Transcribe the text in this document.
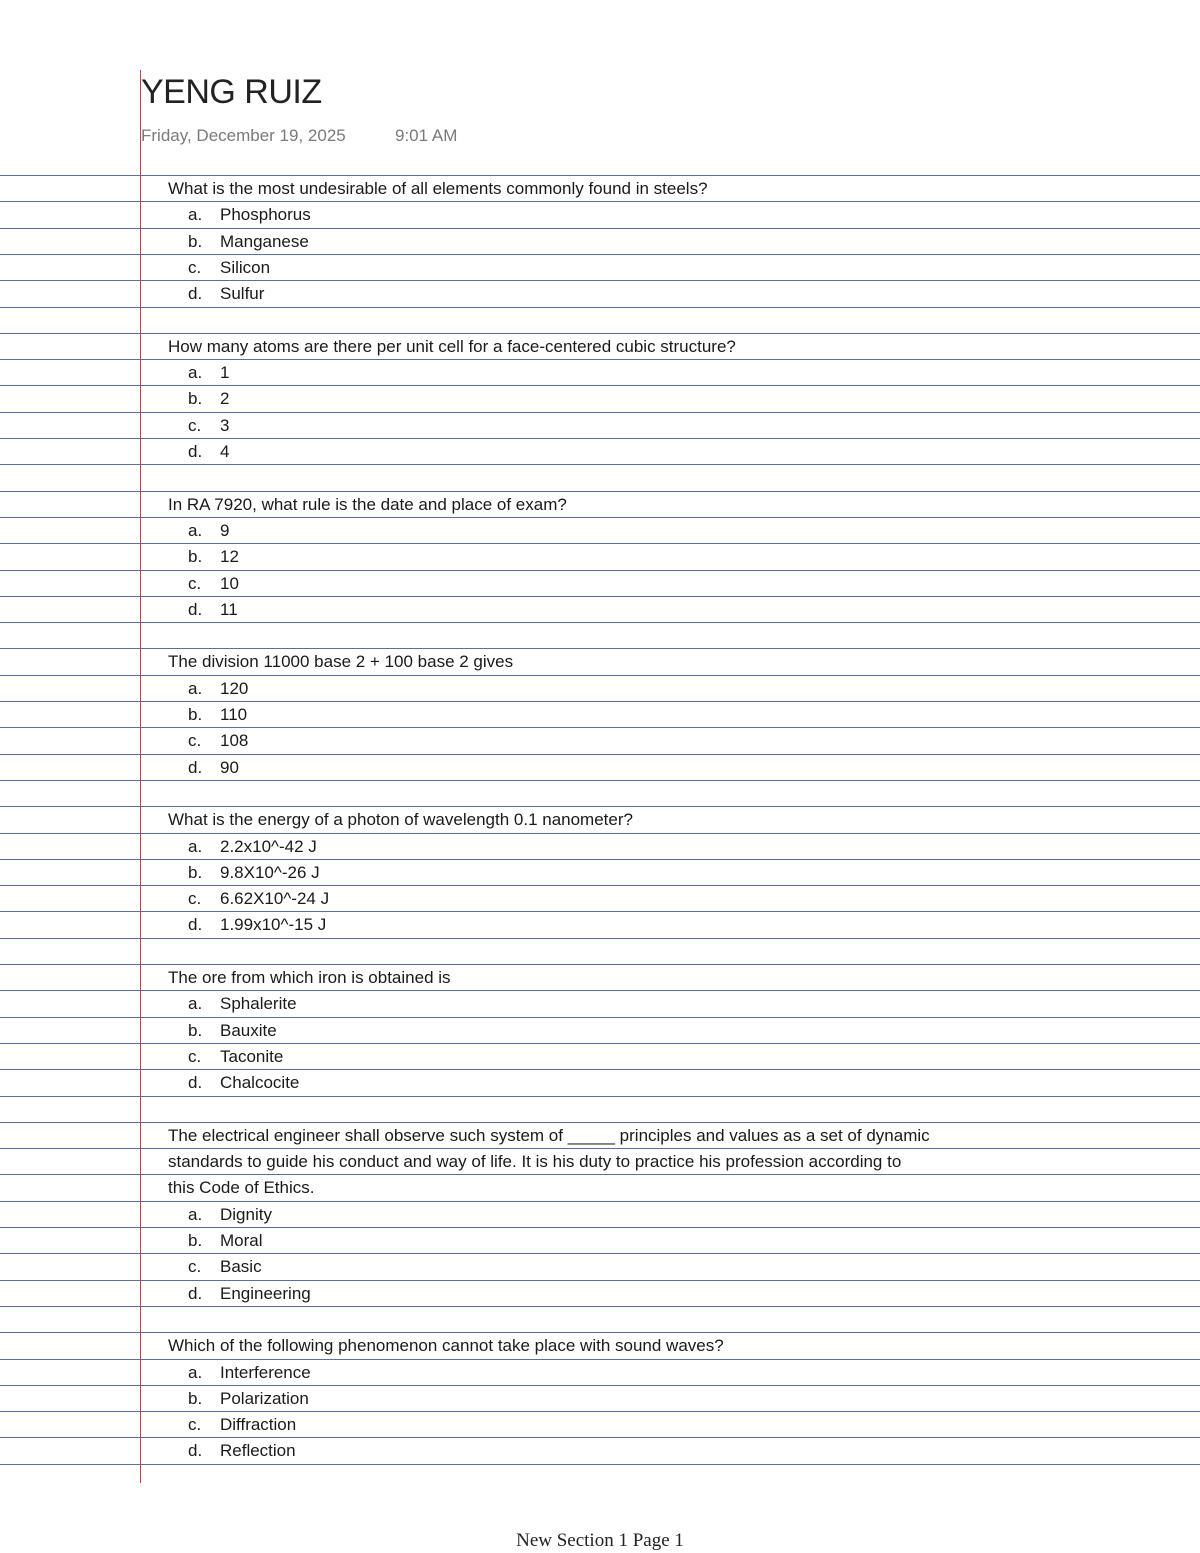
YENG RUIZ
Friday, December 19, 2025	9:01 AM
What is the most undesirable of all elements commonly found in steels?
a.	Phosphorus
b.	Manganese
c.	Silicon
d.	Sulfur
How many atoms are there per unit cell for a face-centered cubic structure?
a.	1
b.	2
c.	3
d.	4
In RA 7920, what rule is the date and place of exam?
a.	9
b.	12
c.	10
d.	11
The division 11000 base 2 + 100 base 2 gives
a.	120
b.	110
c.	108
d.	90
What is the energy of a photon of wavelength 0.1 nanometer?
a.	2.2x10^-42 J
b.	9.8X10^-26 J
c.	6.62X10^-24 J
d.	1.99x10^-15 J
The ore from which iron is obtained is
a.	Sphalerite
b.	Bauxite
c.	Taconite
d.	Chalcocite
The electrical engineer shall observe such system of _____ principles and values as a set of dynamic
standards to guide his conduct and way of life. It is his duty to practice his profession according to
this Code of Ethics.
a.	Dignity
b.	Moral
c.	Basic
d.	Engineering
Which of the following phenomenon cannot take place with sound waves?
a.	Interference
b.	Polarization
c.	Diffraction
d.	Reflection
New Section 1 Page 1
